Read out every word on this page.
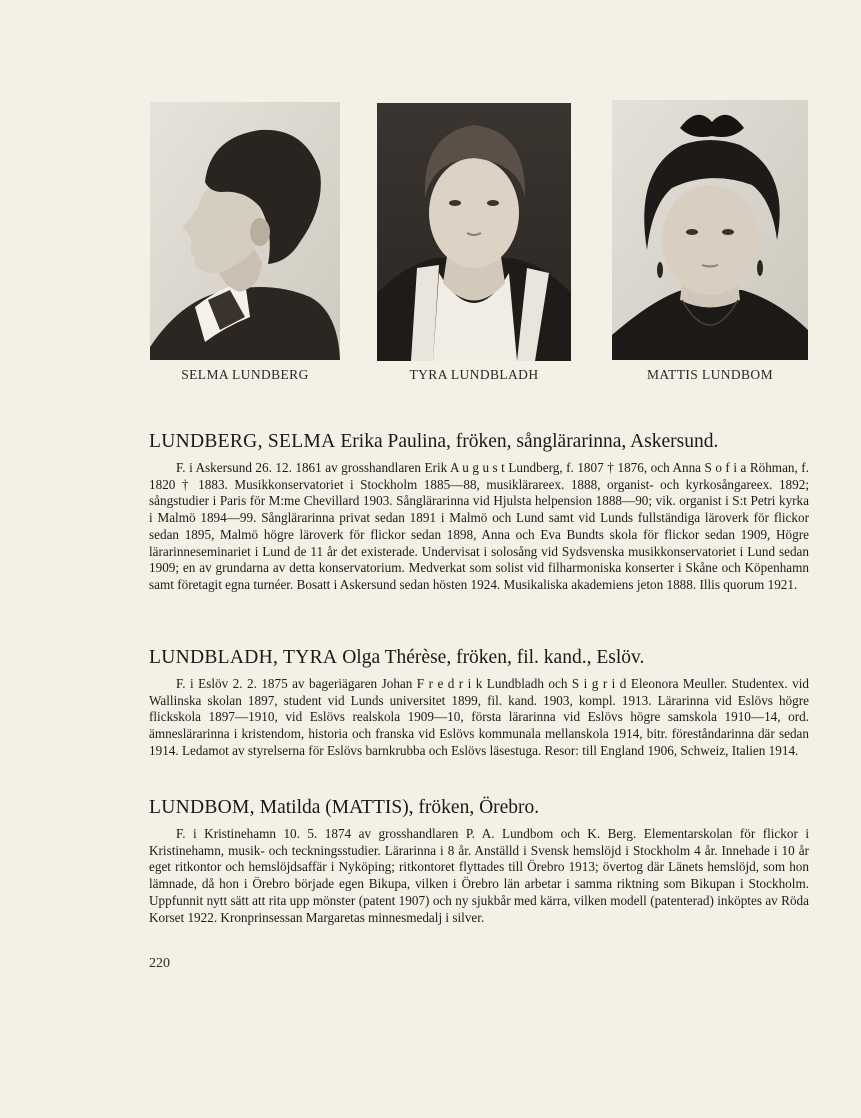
SELMA LUNDBERG	TYRA LUNDBLADH	MATTIS LUNDBOM

LUNDBERG, SELMA Erika Paulina, fröken, sånglärarinna, Askersund.

F. i Askersund 26. 12. 1861 av grosshandlaren Erik A u g u s t Lundberg, f. 1807 † 1876, och Anna S o f i a Röhman, f. 1820 † 1883. Musikkonservatoriet i Stockholm 1885—88, musiklärareex. 1888, organist- och kyrkosångareex. 1892; sångstudier i Paris för M:me Chevillard 1903. Sånglärarinna vid Hjulsta helpension 1888—90; vik. organist i S:t Petri kyrka i Malmö 1894—99. Sånglärarinna privat sedan 1891 i Malmö och Lund samt vid Lunds fullständiga läroverk för flickor sedan 1895, Malmö högre läroverk för flickor sedan 1898, Anna och Eva Bundts skola för flickor sedan 1909, Högre lärarinneseminariet i Lund de 11 år det existerade. Undervisat i solosång vid Sydsvenska musikkonservatoriet i Lund sedan 1909; en av grundarna av detta konservatorium. Medverkat som solist vid filharmoniska konserter i Skåne och Köpenhamn samt företagit egna turnéer. Bosatt i Askersund sedan hösten 1924. Musikaliska akademiens jeton 1888. Illis quorum 1921.

LUNDBLADH, TYRA Olga Thérèse, fröken, fil. kand., Eslöv.

F. i Eslöv 2. 2. 1875 av bageriägaren Johan F r e d r i k Lundbladh och S i g r i d Eleonora Meuller. Studentex. vid Wallinska skolan 1897, student vid Lunds universitet 1899, fil. kand. 1903, kompl. 1913. Lärarinna vid Eslövs högre flickskola 1897—1910, vid Eslövs realskola 1909—10, första lärarinna vid Eslövs högre samskola 1910—14, ord. ämneslärarinna i kristendom, historia och franska vid Eslövs kommunala mellanskola 1914, bitr. föreståndarinna där sedan 1914. Ledamot av styrelserna för Eslövs barnkrubba och Eslövs läsestuga. Resor: till England 1906, Schweiz, Italien 1914.

LUNDBOM, Matilda (MATTIS), fröken, Örebro.

F. i Kristinehamn 10. 5. 1874 av grosshandlaren P. A. Lundbom och K. Berg. Elementarskolan för flickor i Kristinehamn, musik- och teckningsstudier. Lärarinna i 8 år. Anställd i Svensk hemslöjd i Stockholm 4 år. Innehade i 10 år eget ritkontor och hemslöjdsaffär i Nyköping; ritkontoret flyttades till Örebro 1913; övertog där Länets hemslöjd, som hon lämnade, då hon i Örebro började egen Bikupa, vilken i Örebro län arbetar i samma riktning som Bikupan i Stockholm. Uppfunnit nytt sätt att rita upp mönster (patent 1907) och ny sjukbår med kärra, vilken modell (patenterad) inköptes av Röda Korset 1922. Kronprinsessan Margaretas minnesmedalj i silver.

220
